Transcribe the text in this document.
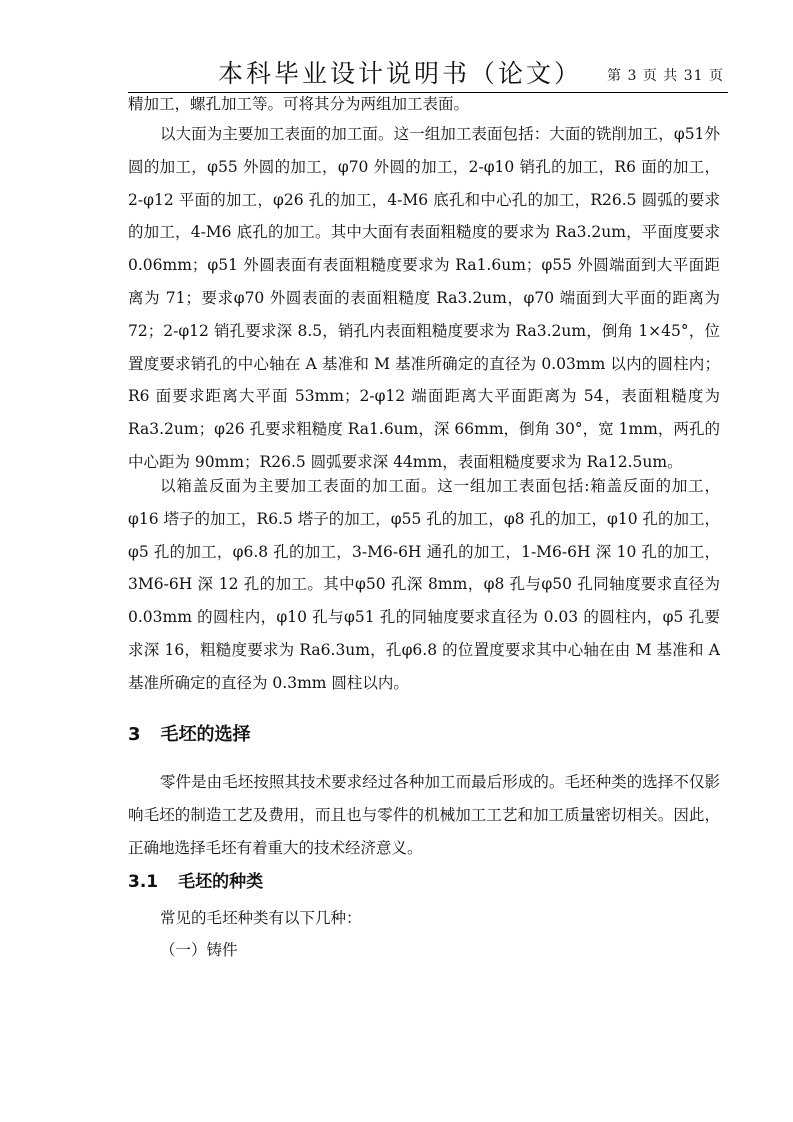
本科毕业设计说明书（论文） 第 3 页 共 31 页
精加工，螺孔加工等。可将其分为两组加工表面。
以大面为主要加工表面的加工面。这一组加工表面包括：大面的铣削加工，φ51外圆的加工，φ55 外圆的加工，φ70 外圆的加工，2-φ10 销孔的加工，R6 面的加工，2-φ12 平面的加工，φ26 孔的加工，4-M6 底孔和中心孔的加工，R26.5 圆弧的要求的加工，4-M6 底孔的加工。其中大面有表面粗糙度的要求为 Ra3.2um，平面度要求 0.06mm；φ51 外圆表面有表面粗糙度要求为 Ra1.6um；φ55 外圆端面到大平面距离为 71；要求φ70 外圆表面的表面粗糙度 Ra3.2um，φ70 端面到大平面的距离为 72；2-φ12 销孔要求深 8.5，销孔内表面粗糙度要求为 Ra3.2um，倒角 1×45°，位置度要求销孔的中心轴在 A 基准和 M 基准所确定的直径为 0.03mm 以内的圆柱内；R6 面要求距离大平面 53mm；2-φ12 端面距离大平面距离为 54，表面粗糙度为 Ra3.2um；φ26 孔要求粗糙度 Ra1.6um，深 66mm，倒角 30°，宽 1mm，两孔的中心距为 90mm；R26.5 圆弧要求深 44mm，表面粗糙度要求为 Ra12.5um。
以箱盖反面为主要加工表面的加工面。这一组加工表面包括:箱盖反面的加工，φ16 塔子的加工，R6.5 塔子的加工，φ55 孔的加工，φ8 孔的加工，φ10 孔的加工，φ5 孔的加工，φ6.8 孔的加工，3-M6-6H 通孔的加工，1-M6-6H 深 10 孔的加工，3M6-6H 深 12 孔的加工。其中φ50 孔深 8mm，φ8 孔与φ50 孔同轴度要求直径为 0.03mm 的圆柱内，φ10 孔与φ51 孔的同轴度要求直径为 0.03 的圆柱内，φ5 孔要求深 16，粗糙度要求为 Ra6.3um，孔φ6.8 的位置度要求其中心轴在由 M 基准和 A 基准所确定的直径为 0.3mm 圆柱以内。
3 毛坯的选择
零件是由毛坯按照其技术要求经过各种加工而最后形成的。毛坯种类的选择不仅影响毛坯的制造工艺及费用，而且也与零件的机械加工工艺和加工质量密切相关。因此，正确地选择毛坯有着重大的技术经济意义。
3.1 毛坯的种类
常见的毛坯种类有以下几种：
（一）铸件
